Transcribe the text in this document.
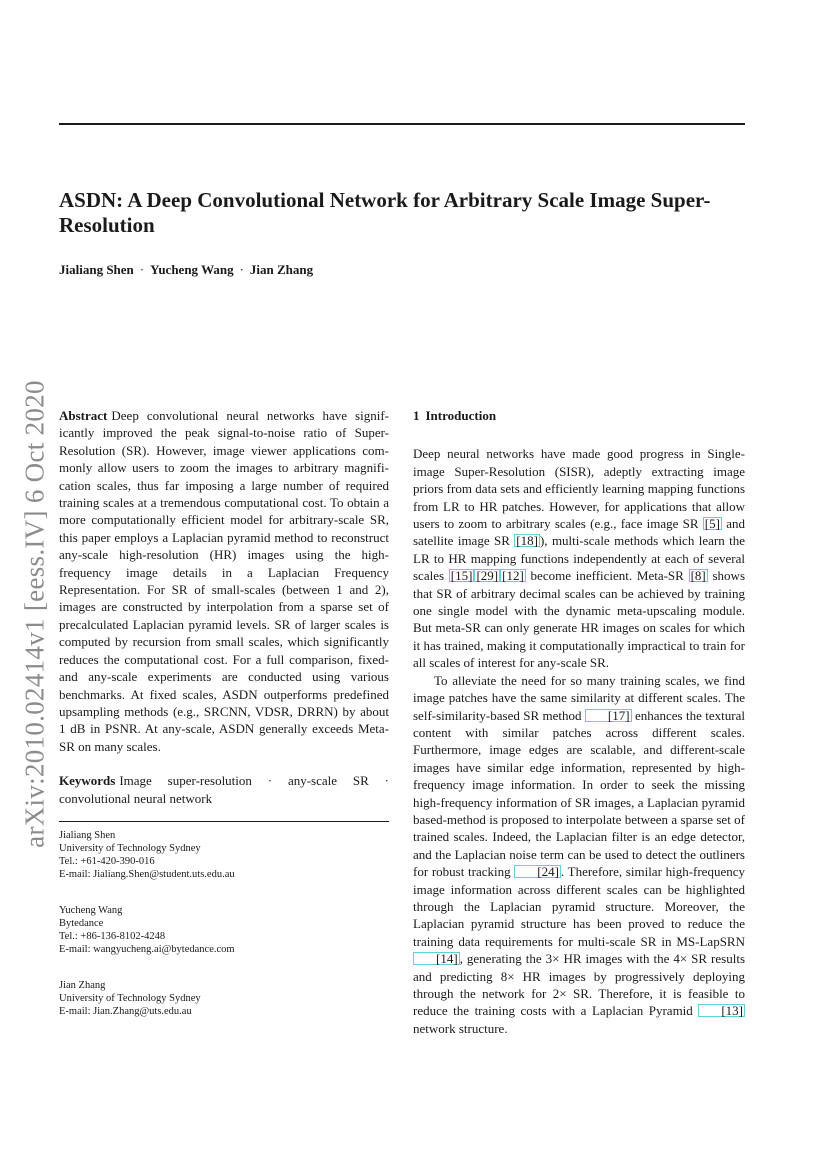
ASDN: A Deep Convolutional Network for Arbitrary Scale Image Super-Resolution
Jialiang Shen · Yucheng Wang · Jian Zhang
arXiv:2010.02414v1 [eess.IV] 6 Oct 2020 Abstract Deep convolutional neural networks have significantly improved the peak signal-to-noise ratio of Super-Resolution (SR). However, image viewer applications commonly allow users to zoom the images to arbitrary magnification scales, thus far imposing a large number of required training scales at a tremendous computational cost. To obtain a more computationally efficient model for arbitrary-scale SR, this paper employs a Laplacian pyramid method to reconstruct any-scale high-resolution (HR) images using the high-frequency image details in a Laplacian Frequency Representation. For SR of small-scales (between 1 and 2), images are constructed by interpolation from a sparse set of precalculated Laplacian pyramid levels. SR of larger scales is computed by recursion from small scales, which significantly reduces the computational cost. For a full comparison, fixed- and any-scale experiments are conducted using various benchmarks. At fixed scales, ASDN outperforms predefined upsampling methods (e.g., SRCNN, VDSR, DRRN) by about 1 dB in PSNR. At any-scale, ASDN generally exceeds Meta-SR on many scales.

Keywords Image super-resolution · any-scale SR · convolutional neural network

Jialiang Shen
University of Technology Sydney
Tel.: +61-420-390-016
E-mail: Jialiang.Shen@student.uts.edu.au
Yucheng Wang
Bytedance
Tel.: +86-136-8102-4248
E-mail: wangyucheng.ai@bytedance.com
Jian Zhang
University of Technology Sydney
E-mail: Jian.Zhang@uts.edu.au
1 Introduction

Deep neural networks have made good progress in Single-image Super-Resolution (SISR), adeptly extracting image priors from data sets and efficiently learning mapping functions from LR to HR patches. However, for applications that allow users to zoom to arbitrary scales (e.g., face image SR [5] and satellite image SR [18] ), multi-scale methods which learn the LR to HR mapping functions independently at each of several scales [15] [29] [12] become inefficient. Meta-SR [8] shows that SR of arbitrary decimal scales can be achieved by training one single model with the dynamic meta-upscaling module. But meta-SR can only generate HR images on scales for which it has trained, making it computationally impractical to train for all scales of interest for any-scale SR.

To alleviate the need for so many training scales, we find image patches have the same similarity at different scales. The self-similarity-based SR method [17] enhances the textural content with similar patches across different scales. Furthermore, image edges are scalable, and different-scale images have similar edge information, represented by high-frequency image information. In order to seek the missing high-frequency information of SR images, a Laplacian pyramid based-method is proposed to interpolate between a sparse set of trained scales. Indeed, the Laplacian filter is an edge detector, and the Laplacian noise term can be used to detect the outliners for robust tracking [24] . Therefore, similar high-frequency image information across different scales can be highlighted through the Laplacian pyramid structure. Moreover, the Laplacian pyramid structure has been proved to reduce the training data requirements for multi-scale SR in MS-LapSRN [14] , generating the 3× HR images with the 4× SR results and predicting 8× HR images by progressively deploying through the network for 2× SR. Therefore, it is feasible to reduce the training costs with a Laplacian Pyramid [13] network structure.
